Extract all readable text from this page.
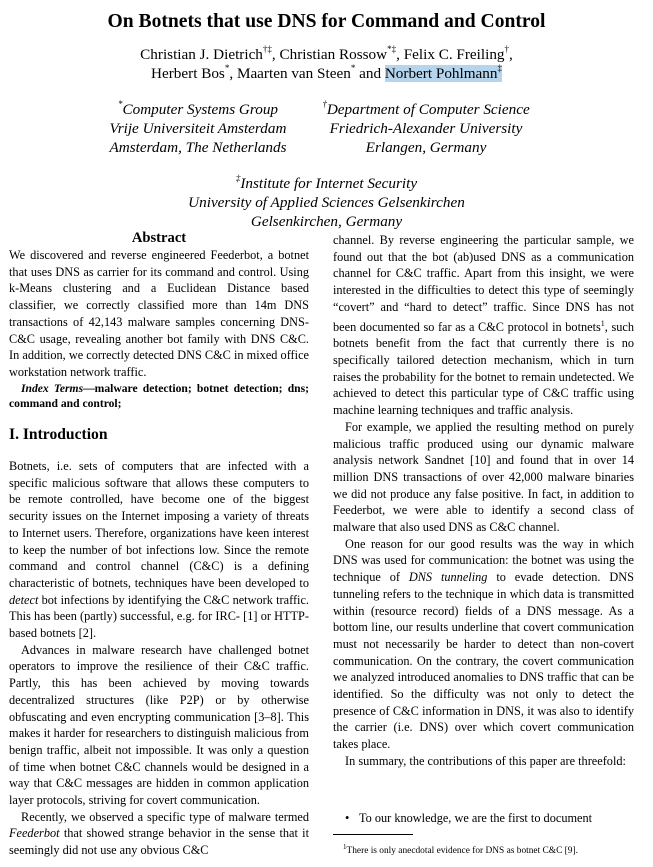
On Botnets that use DNS for Command and Control
Christian J. Dietrich†‡, Christian Rossow*‡, Felix C. Freiling†,
Herbert Bos*, Maarten van Steen* and Norbert Pohlmann‡
*Computer Systems Group
Vrije Universiteit Amsterdam
Amsterdam, The Netherlands
†Department of Computer Science
Friedrich-Alexander University
Erlangen, Germany
‡Institute for Internet Security
University of Applied Sciences Gelsenkirchen
Gelsenkirchen, Germany
Abstract

We discovered and reverse engineered Feederbot, a botnet that uses DNS as carrier for its command and control. Using k-Means clustering and a Euclidean Distance based classifier, we correctly classified more than 14m DNS transactions of 42,143 malware samples concerning DNS-C&C usage, revealing another bot family with DNS C&C. In addition, we correctly detected DNS C&C in mixed office workstation network traffic.

Index Terms—malware detection; botnet detection; dns; command and control;

I. Introduction

Botnets, i.e. sets of computers that are infected with a specific malicious software that allows these computers to be remote controlled, have become one of the biggest security issues on the Internet imposing a variety of threats to Internet users. Therefore, organizations have keen interest to keep the number of bot infections low. Since the remote command and control channel (C&C) is a defining characteristic of botnets, techniques have been developed to detect bot infections by identifying the C&C network traffic. This has been (partly) successful, e.g. for IRC- [1] or HTTP-based botnets [2].

Advances in malware research have challenged botnet operators to improve the resilience of their C&C traffic. Partly, this has been achieved by moving towards decentralized structures (like P2P) or by otherwise obfuscating and even encrypting communication [3–8]. This makes it harder for researchers to distinguish malicious from benign traffic, albeit not impossible. It was only a question of time when botnet C&C channels would be designed in a way that C&C messages are hidden in common application layer protocols, striving for covert communication.

Recently, we observed a specific type of malware termed Feederbot that showed strange behavior in the sense that it seemingly did not use any obvious C&C

channel. By reverse engineering the particular sample, we found out that the bot (ab)used DNS as a communication channel for C&C traffic. Apart from this insight, we were interested in the difficulties to detect this type of seemingly “covert” and “hard to detect” traffic. Since DNS has not been documented so far as a C&C protocol in botnets$^1$, such botnets benefit from the fact that currently there is no specifically tailored detection mechanism, which in turn raises the probability for the botnet to remain undetected. We achieved to detect this particular type of C&C traffic using machine learning techniques and traffic analysis.

For example, we applied the resulting method on purely malicious traffic produced using our dynamic malware analysis network Sandnet [10] and found that in over 14 million DNS transactions of over 42,000 malware binaries we did not produce any false positive. In fact, in addition to Feederbot, we were able to identify a second class of malware that also used DNS as C&C channel.

One reason for our good results was the way in which DNS was used for communication: the botnet was using the technique of DNS tunneling to evade detection. DNS tunneling refers to the technique in which data is transmitted within (resource record) fields of a DNS message. As a bottom line, our results underline that covert communication must not necessarily be harder to detect than non-covert communication. On the contrary, the covert communication we analyzed introduced anomalies to DNS traffic that can be identified. So the difficulty was not only to detect the presence of C&C information in DNS, it was also to identify the carrier (i.e. DNS) over which covert communication takes place.

In summary, the contributions of this paper are threefold:

• To our knowledge, we are the first to document
$^1$There is only anecdotal evidence for DNS as botnet C&C [9].
